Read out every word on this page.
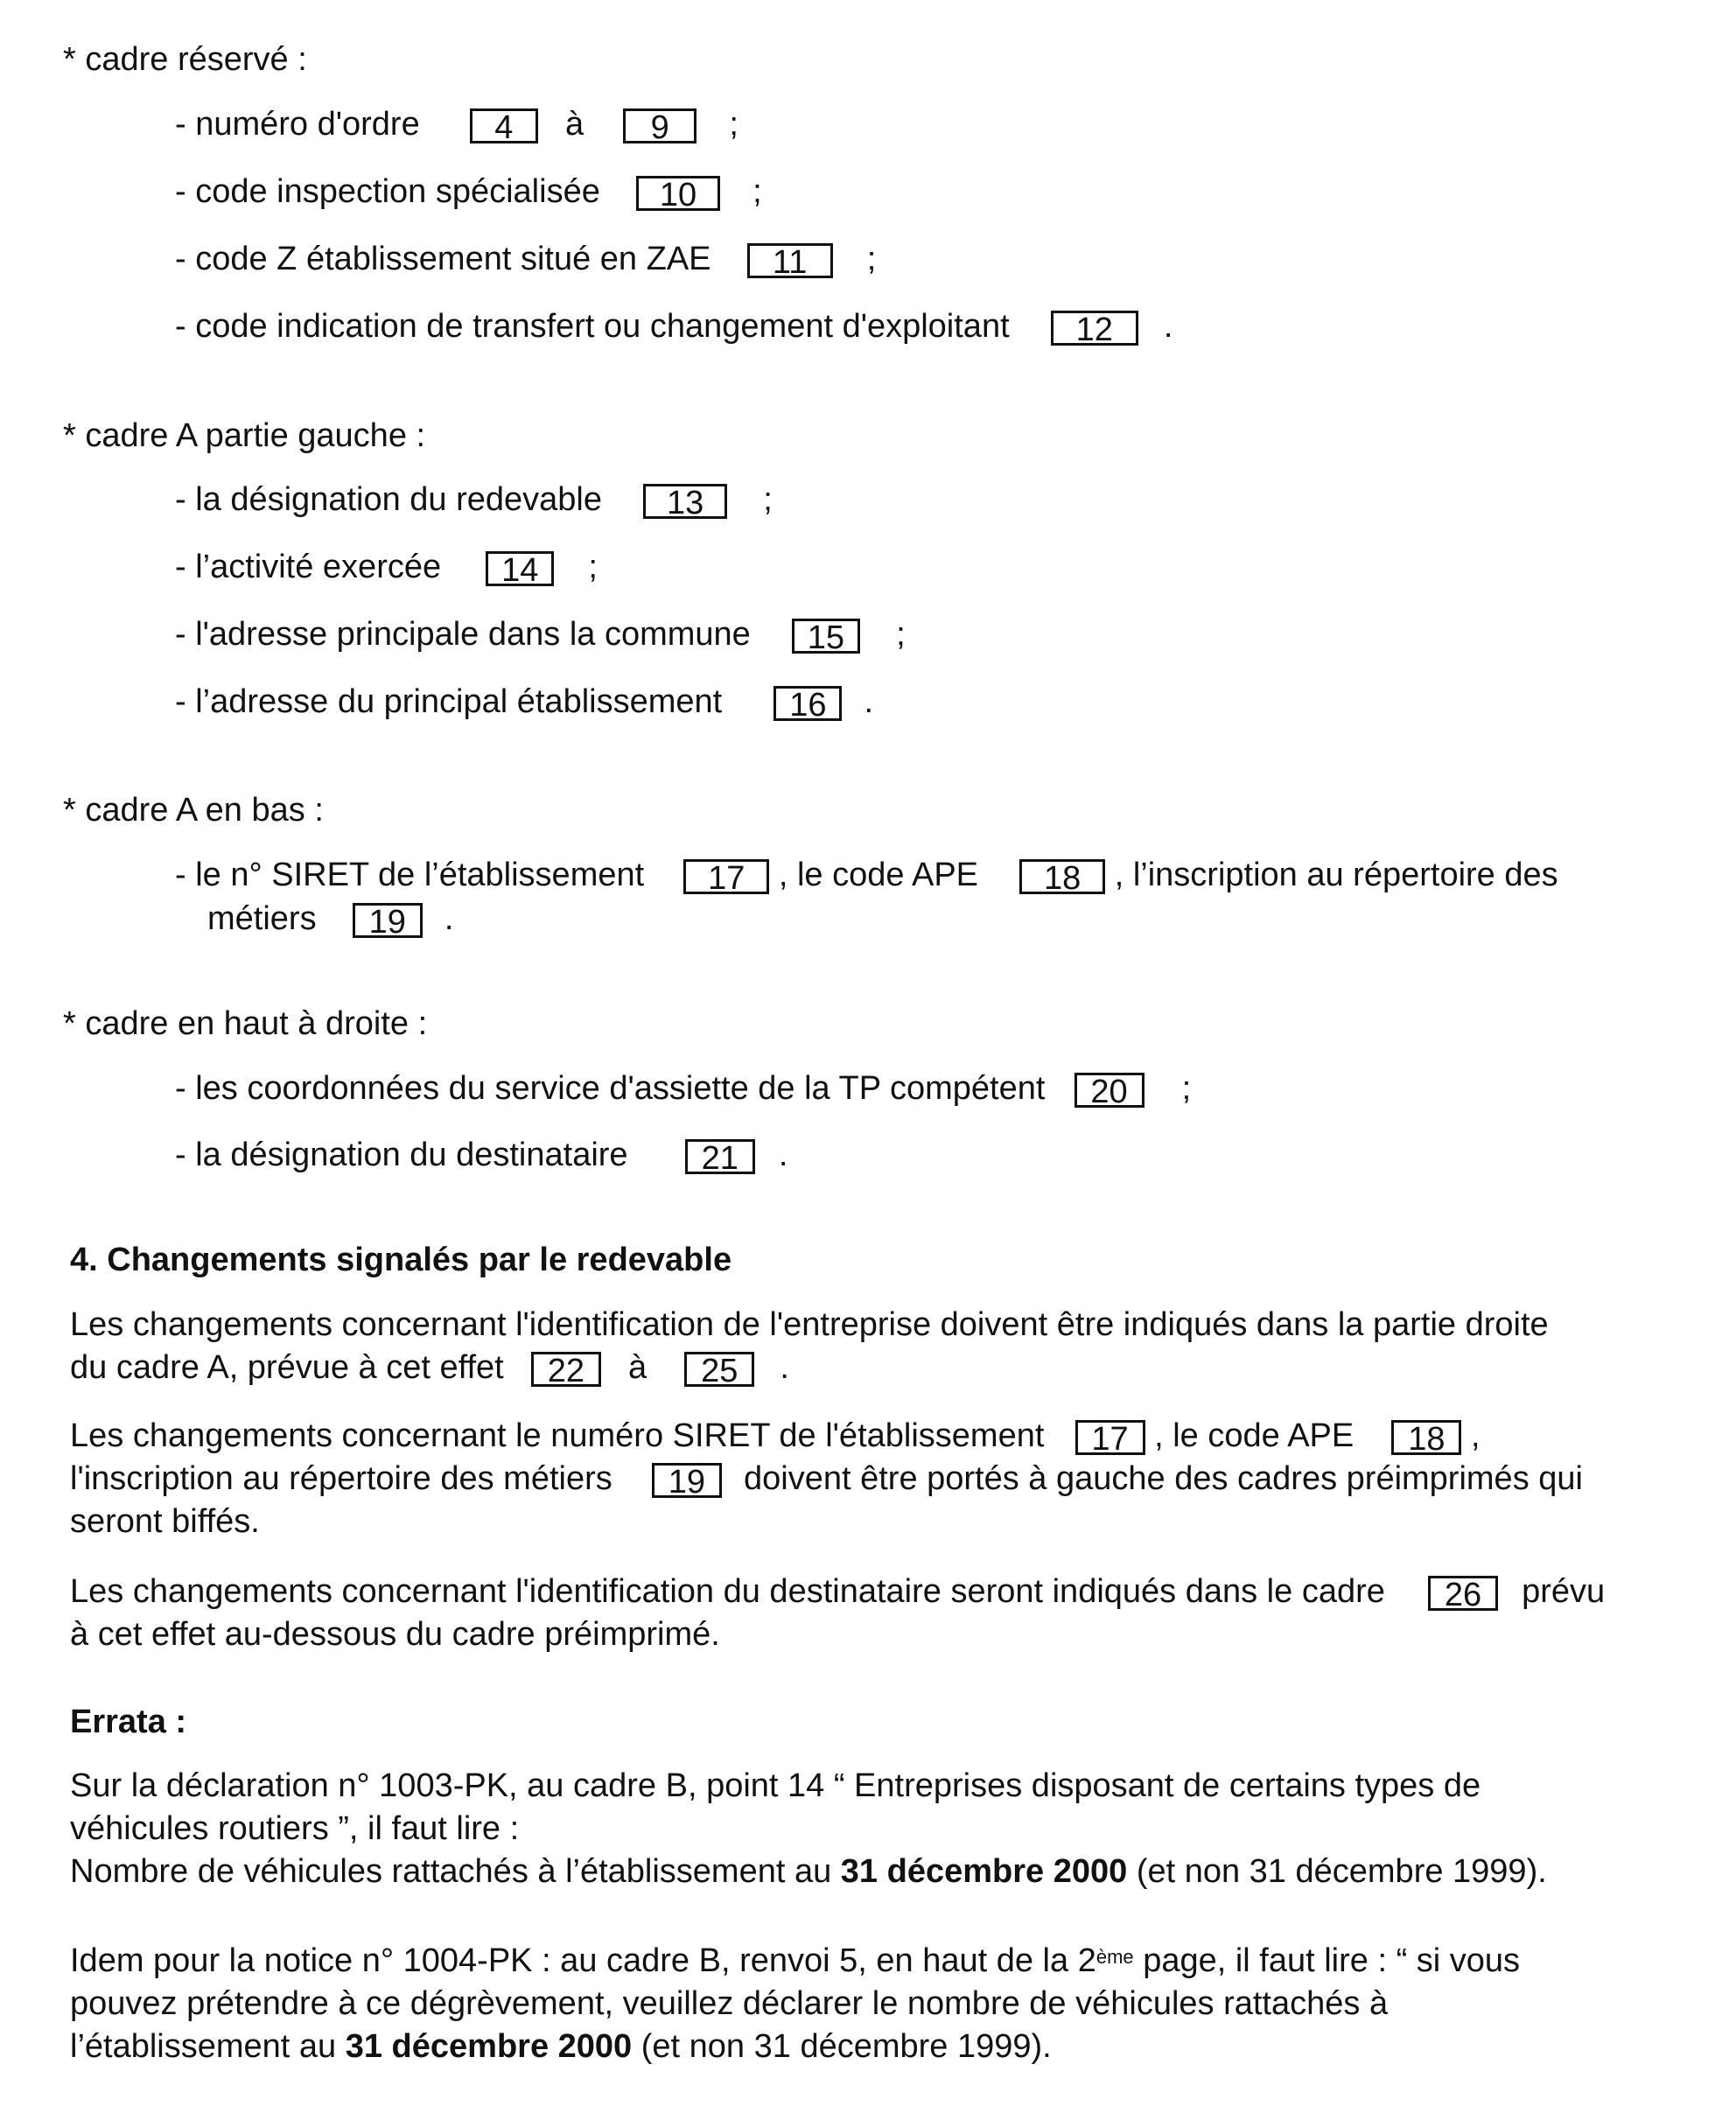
* cadre réservé :
- numéro d'ordre 4 à 9 ;
- code inspection spécialisée 10 ;
- code Z établissement situé en ZAE 11 ;
- code indication de transfert ou changement d'exploitant 12 .
* cadre A partie gauche :
- la désignation du redevable 13 ;
- l’activité exercée 14 ;
- l'adresse principale dans la commune 15 ;
- l’adresse du principal établissement 16 .
* cadre A en bas :
- le n° SIRET de l’établissement 17 , le code APE 18 , l’inscription au répertoire des
métiers 19 .
* cadre en haut à droite :
- les coordonnées du service d'assiette de la TP compétent 20 ;
- la désignation du destinataire 21 .
4. Changements signalés par le redevable
Les changements concernant l'identification de l'entreprise doivent être indiqués dans la partie droite
du cadre A, prévue à cet effet 22 à 25 .
Les changements concernant le numéro SIRET de l'établissement 17 , le code APE 18 ,
l'inscription au répertoire des métiers 19 doivent être portés à gauche des cadres préimprimés qui
seront biffés.
Les changements concernant l'identification du destinataire seront indiqués dans le cadre 26 prévu
à cet effet au-dessous du cadre préimprimé.
Errata :
Sur la déclaration n° 1003-PK, au cadre B, point 14 “ Entreprises disposant de certains types de
véhicules routiers ”, il faut lire :
Nombre de véhicules rattachés à l’établissement au 31 décembre 2000 (et non 31 décembre 1999).
Idem pour la notice n° 1004-PK : au cadre B, renvoi 5, en haut de la 2ème page, il faut lire : “ si vous
pouvez prétendre à ce dégrèvement, veuillez déclarer le nombre de véhicules rattachés à
l’établissement au 31 décembre 2000 (et non 31 décembre 1999).
